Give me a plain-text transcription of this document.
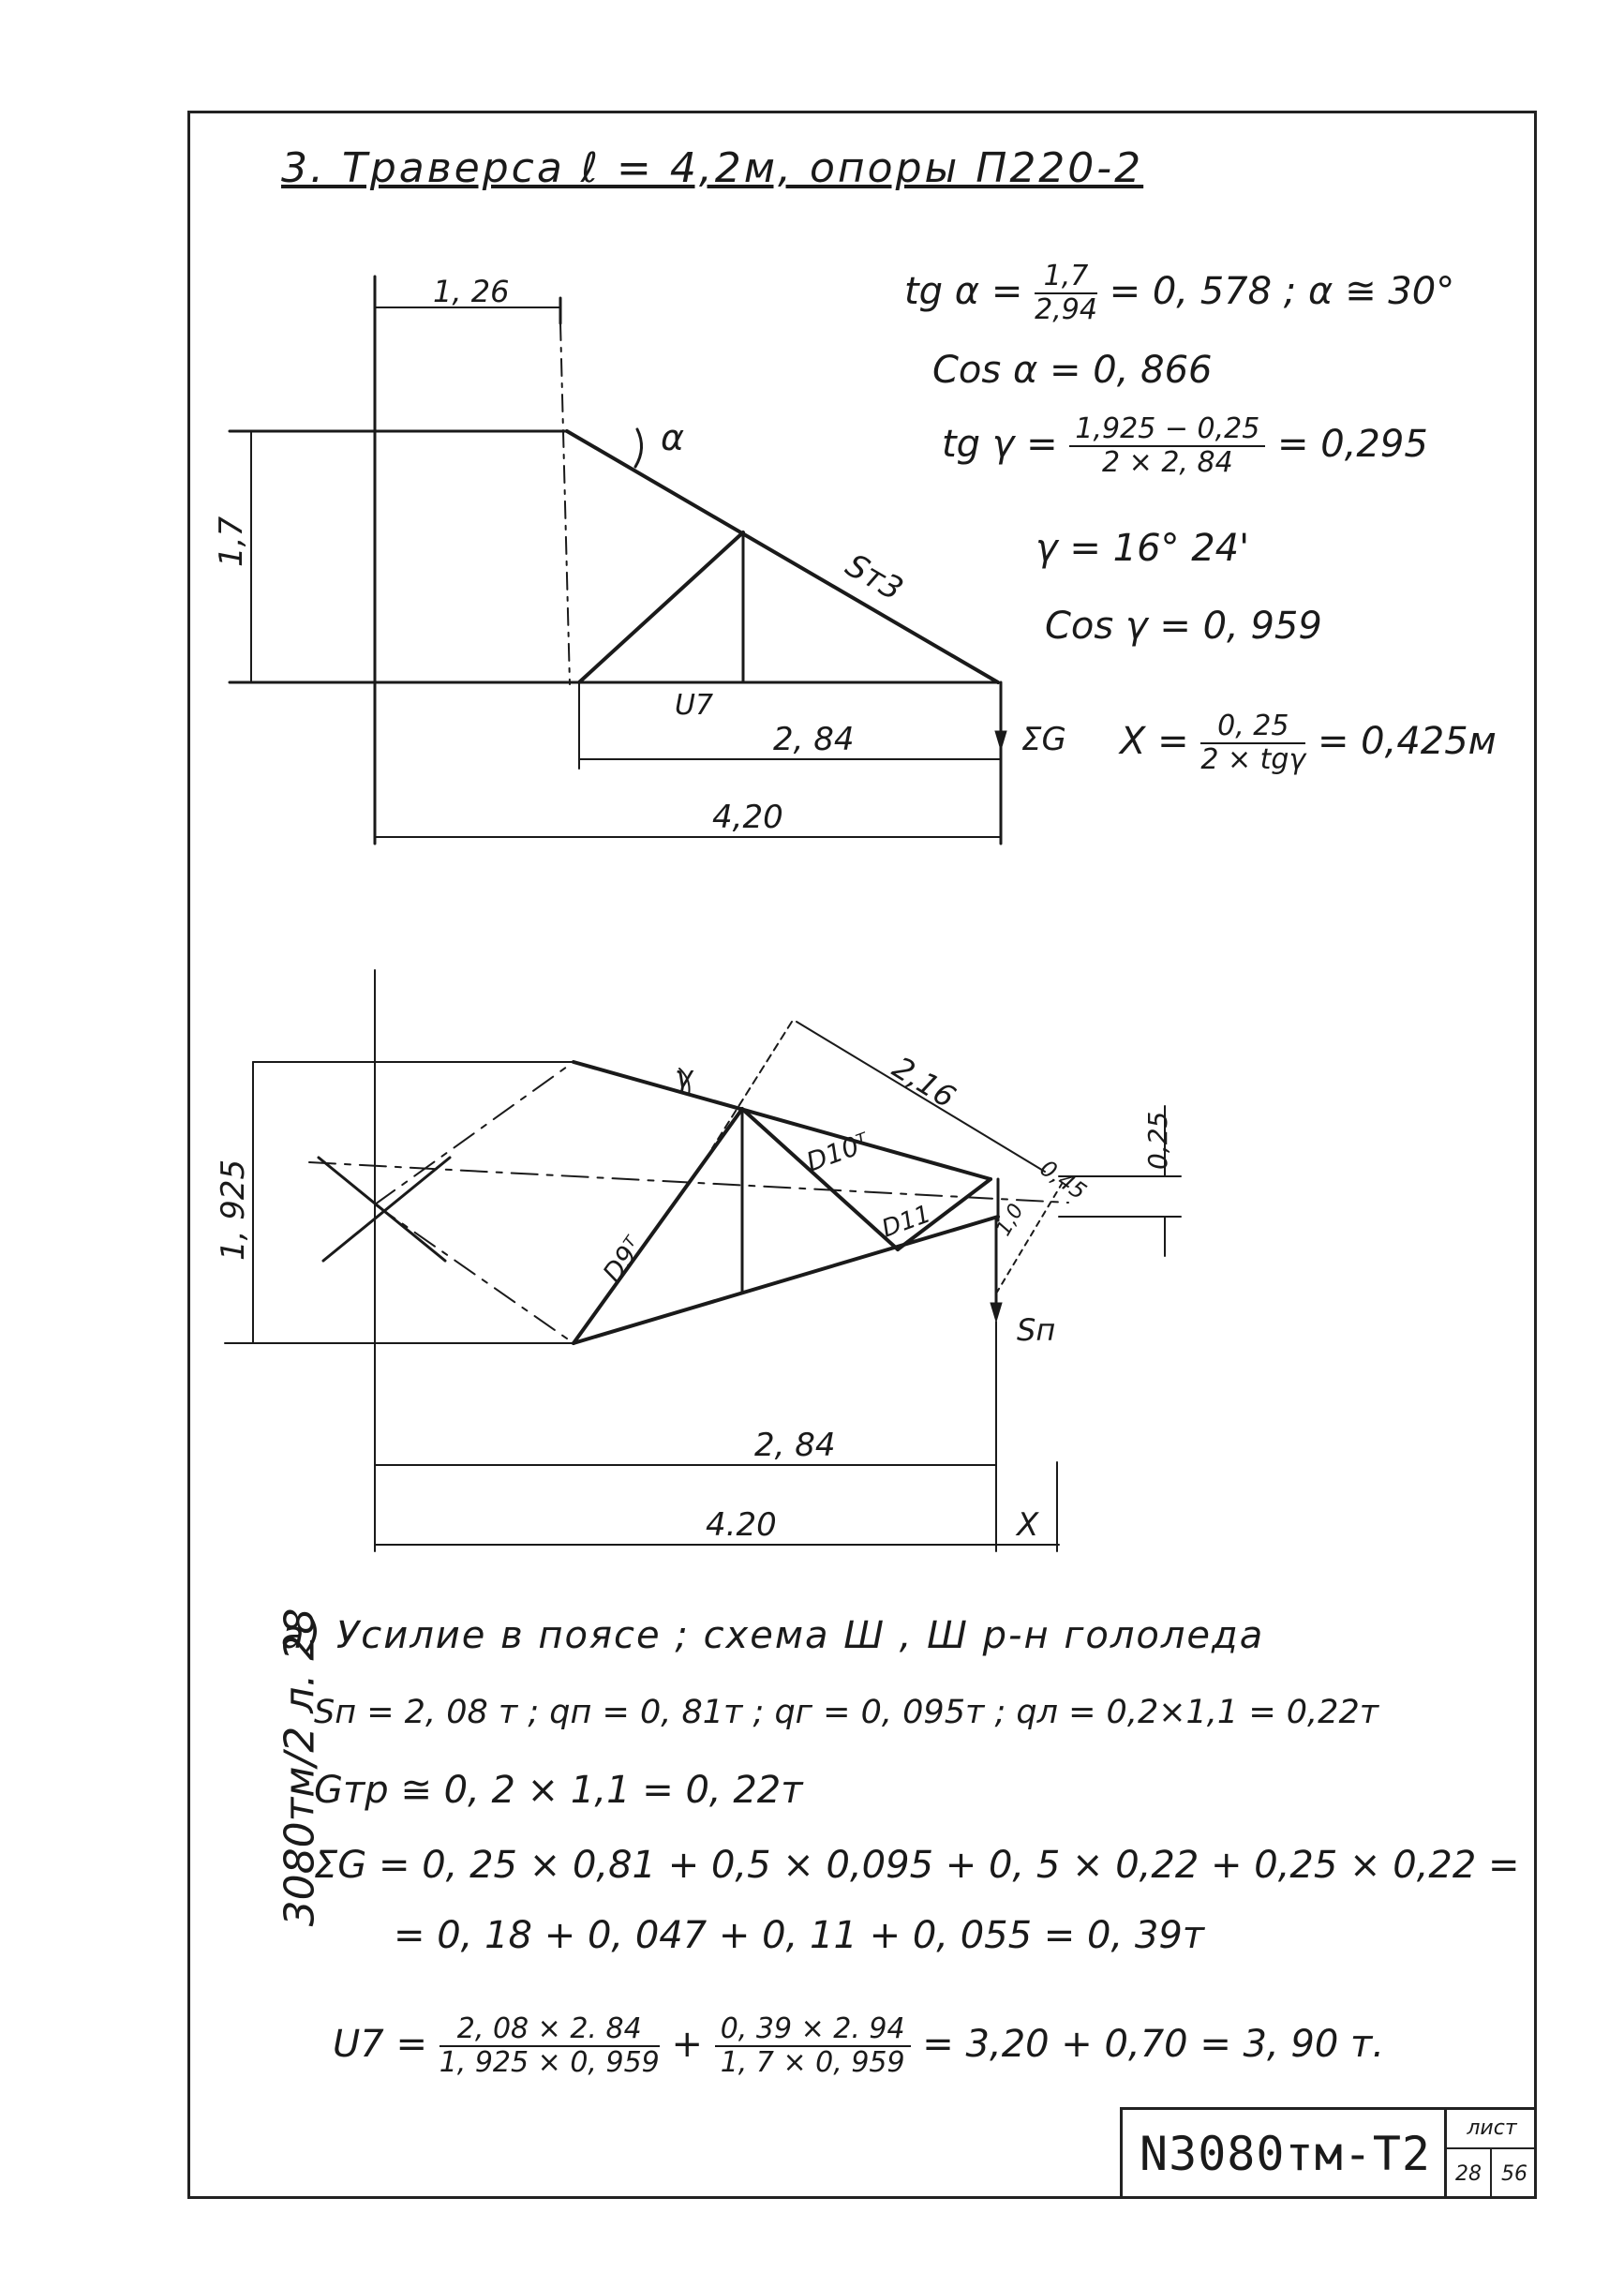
3. Траверса ℓ = 4,2м, опоры П220-2
tg $\alpha = \frac{1,7}{2,94} = 0$, 578 ; α ≅ 30°
Cos α = 0, 866
tg $\gamma = \frac{1,925 - 0,25}{2 \times 2, 84} = 0,295$
γ = 16° 24'
Cos γ = 0, 959
$X = \frac{0, 25}{\text{2 × tgγ}} = 0,425м$
1, 26
1,7
α
Sт3
U7
2, 84
4,20
ΣG
1, 925
γ	2,16
0,25
0,45
1,0
D9ᵀ
D10ᵀ
D11
Sп
2, 84
4.20	X
а) Усилие в поясе ; схема Ш , Ш р-н гололеда
Sп = 2, 08 т ; qп = 0, 81т ; qг = 0, 095т ; qл = 0,2×1,1 = 0,22т
Gтр ≅ 0, 2 × 1,1 = 0, 22т
ΣG = 0, 25 × 0,81 + 0,5 × 0,095 + 0, 5 × 0,22 + 0,25 × 0,22 =
= 0, 18 + 0, 047 + 0, 11 + 0, 055 = 0, 39т
$U7 = \frac{2, 08 \times 2. 84}{1, 925 \times 0, 959} + \frac{0, 39 \times 2. 94}{1, 7 \times 0, 959} = 3,20 + 0,70 = 3$, 90 т.
3080тм/2 л. 28
N3080тм-Т2	лист
28 56
